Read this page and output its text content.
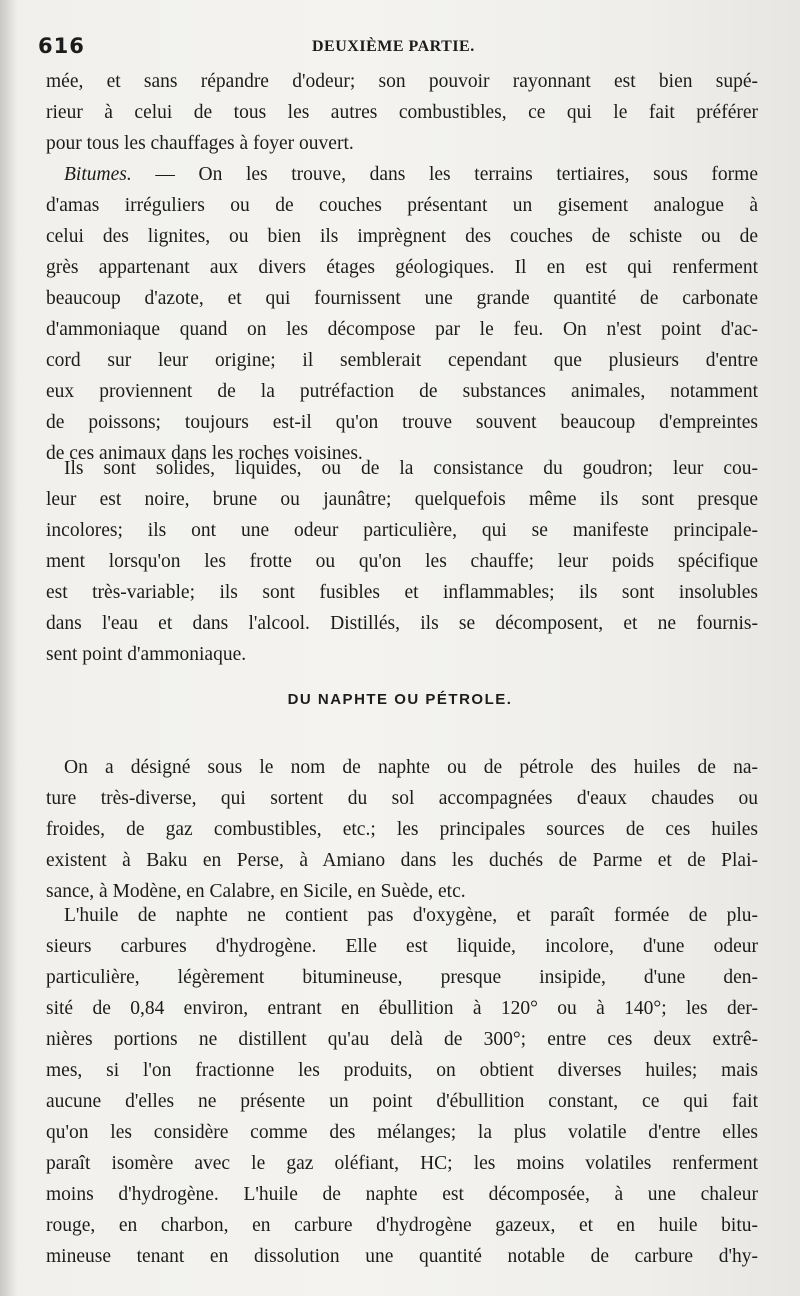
616	DEUXIÈME PARTIE.
mée, et sans répandre d'odeur; son pouvoir rayonnant est bien supé-
rieur à celui de tous les autres combustibles, ce qui le fait préférer
pour tous les chauffages à foyer ouvert.
Bitumes. — On les trouve, dans les terrains tertiaires, sous forme
d'amas irréguliers ou de couches présentant un gisement analogue à
celui des lignites, ou bien ils imprègnent des couches de schiste ou de
grès appartenant aux divers étages géologiques. Il en est qui renferment
beaucoup d'azote, et qui fournissent une grande quantité de carbonate
d'ammoniaque quand on les décompose par le feu. On n'est point d'ac-
cord sur leur origine; il semblerait cependant que plusieurs d'entre
eux proviennent de la putréfaction de substances animales, notamment
de poissons; toujours est-il qu'on trouve souvent beaucoup d'empreintes
de ces animaux dans les roches voisines.
Ils sont solides, liquides, ou de la consistance du goudron; leur cou-
leur est noire, brune ou jaunâtre; quelquefois même ils sont presque
incolores; ils ont une odeur particulière, qui se manifeste principale-
ment lorsqu'on les frotte ou qu'on les chauffe; leur poids spécifique
est très-variable; ils sont fusibles et inflammables; ils sont insolubles
dans l'eau et dans l'alcool. Distillés, ils se décomposent, et ne fournis-
sent point d'ammoniaque.
DU NAPHTE OU PÉTROLE.
On a désigné sous le nom de naphte ou de pétrole des huiles de na-
ture très-diverse, qui sortent du sol accompagnées d'eaux chaudes ou
froides, de gaz combustibles, etc.; les principales sources de ces huiles
existent à Baku en Perse, à Amiano dans les duchés de Parme et de Plai-
sance, à Modène, en Calabre, en Sicile, en Suède, etc.
L'huile de naphte ne contient pas d'oxygène, et paraît formée de plu-
sieurs carbures d'hydrogène. Elle est liquide, incolore, d'une odeur
particulière, légèrement bitumineuse, presque insipide, d'une den-
sité de 0,84 environ, entrant en ébullition à 120° ou à 140°; les der-
nières portions ne distillent qu'au delà de 300°; entre ces deux extrê-
mes, si l'on fractionne les produits, on obtient diverses huiles; mais
aucune d'elles ne présente un point d'ébullition constant, ce qui fait
qu'on les considère comme des mélanges; la plus volatile d'entre elles
paraît isomère avec le gaz oléfiant, HC; les moins volatiles renferment
moins d'hydrogène. L'huile de naphte est décomposée, à une chaleur
rouge, en charbon, en carbure d'hydrogène gazeux, et en huile bitu-
mineuse tenant en dissolution une quantité notable de carbure d'hy-
